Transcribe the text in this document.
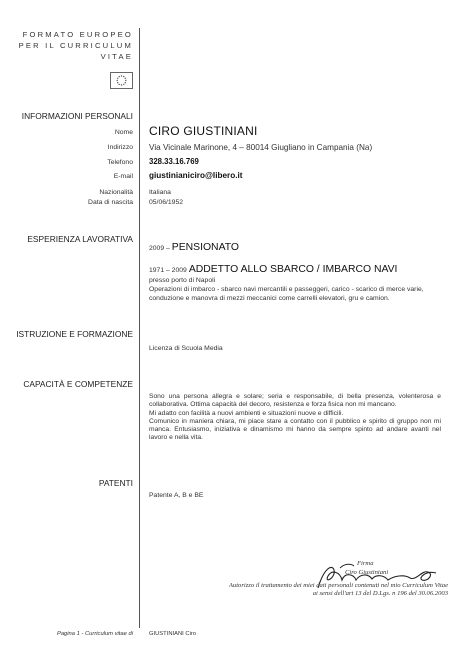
FORMATO EUROPEO
PER IL CURRICULUM
VITAE
INFORMAZIONI PERSONALI
Nome CIRO GIUSTINIANI
Indirizzo Via Vicinale Marinone, 4 – 80014 Giugliano in Campania (Na)
Telefono 328.33.16.769
E-mail giustinianiciro@libero.it
Nazionalità Italiana
Data di nascita 05/06/1952
ESPERIENZA LAVORATIVA
2009 – PENSIONATO
1971 – 2009 ADDETTO ALLO SBARCO / IMBARCO NAVI
presso porto di Napoli
Operazioni di imbarco - sbarco navi mercantili e passeggeri, carico - scarico di merce varie,
conduzione e manovra di mezzi meccanici come carrelli elevatori, gru e camion.
ISTRUZIONE E FORMAZIONE
Licenza di Scuola Media
CAPACITÀ E COMPETENZE
Sono una persona allegra e solare; seria e responsabile, di bella presenza, volenterosa e collaborativa. Ottima capacità del decoro, resistenza e forza fisica non mi mancano.
Mi adatto con facilità a nuovi ambienti e situazioni nuove e difficili.
Comunico in maniera chiara, mi piace stare a contatto con il pubblico e spirito di gruppo non mi manca. Entusiasmo, iniziativa e dinamismo mi hanno da sempre spinto ad andare avanti nel lavoro e nella vita.
PATENTI
Patente A, B e BE
Firma
Ciro Giustiniani
Autorizzo il trattamento dei miei dati personali contenuti nel mio Curriculum Vitae
ai sensi dell'art 13 del D.Lgs. n 196 del 30.06.2003
Pagina 1 - Curriculum vitae di	GIUSTINIANI Ciro
